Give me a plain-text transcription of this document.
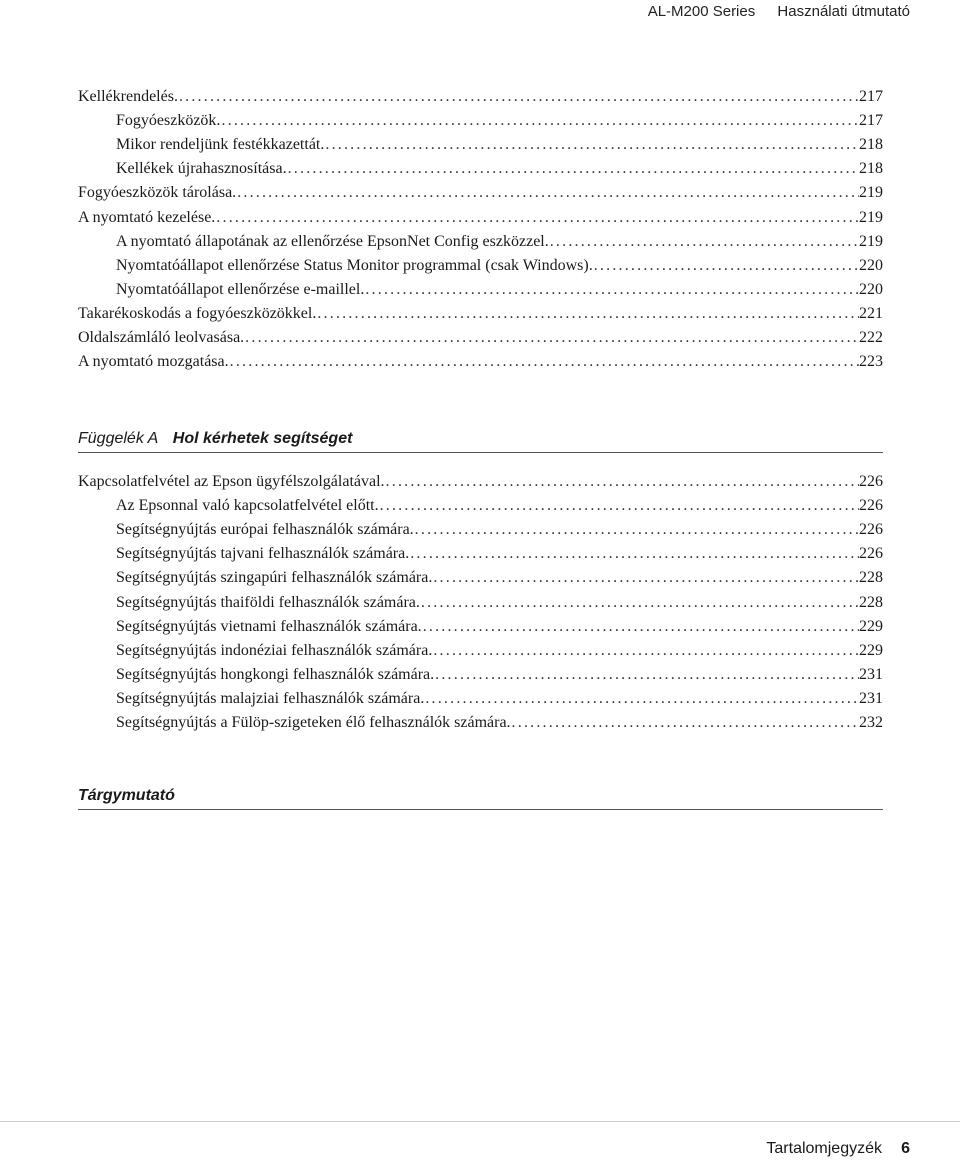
AL-M200 Series Használati útmutató
Kellékrendelés. .....	217
Fogyóeszközök. .....	217
Mikor rendeljünk festékkazettát. .....	218
Kellékek újrahasznosítása. .....	218
Fogyóeszközök tárolása. .....	219
A nyomtató kezelése. .....	219
A nyomtató állapotának az ellenőrzése EpsonNet Config eszközzel. .....	219
Nyomtatóállapot ellenőrzése Status Monitor programmal (csak Windows). .....	220
Nyomtatóállapot ellenőrzése e-maillel. .....	220
Takarékoskodás a fogyóeszközökkel. .....	221
Oldalszámláló leolvasása. .....	222
A nyomtató mozgatása. .....	223
Függelék A Hol kérhetek segítséget
Kapcsolatfelvétel az Epson ügyfélszolgálatával. .....	226
Az Epsonnal való kapcsolatfelvétel előtt. .....	226
Segítségnyújtás európai felhasználók számára. .....	226
Segítségnyújtás tajvani felhasználók számára. .....	226
Segítségnyújtás szingapúri felhasználók számára. .....	228
Segítségnyújtás thaiföldi felhasználók számára. .....	228
Segítségnyújtás vietnami felhasználók számára. .....	229
Segítségnyújtás indonéziai felhasználók számára. .....	229
Segítségnyújtás hongkongi felhasználók számára. .....	231
Segítségnyújtás malajziai felhasználók számára. .....	231
Segítségnyújtás a Fülöp-szigeteken élő felhasználók számára. .....	232
Tárgymutató
Tartalomjegyzék 6
